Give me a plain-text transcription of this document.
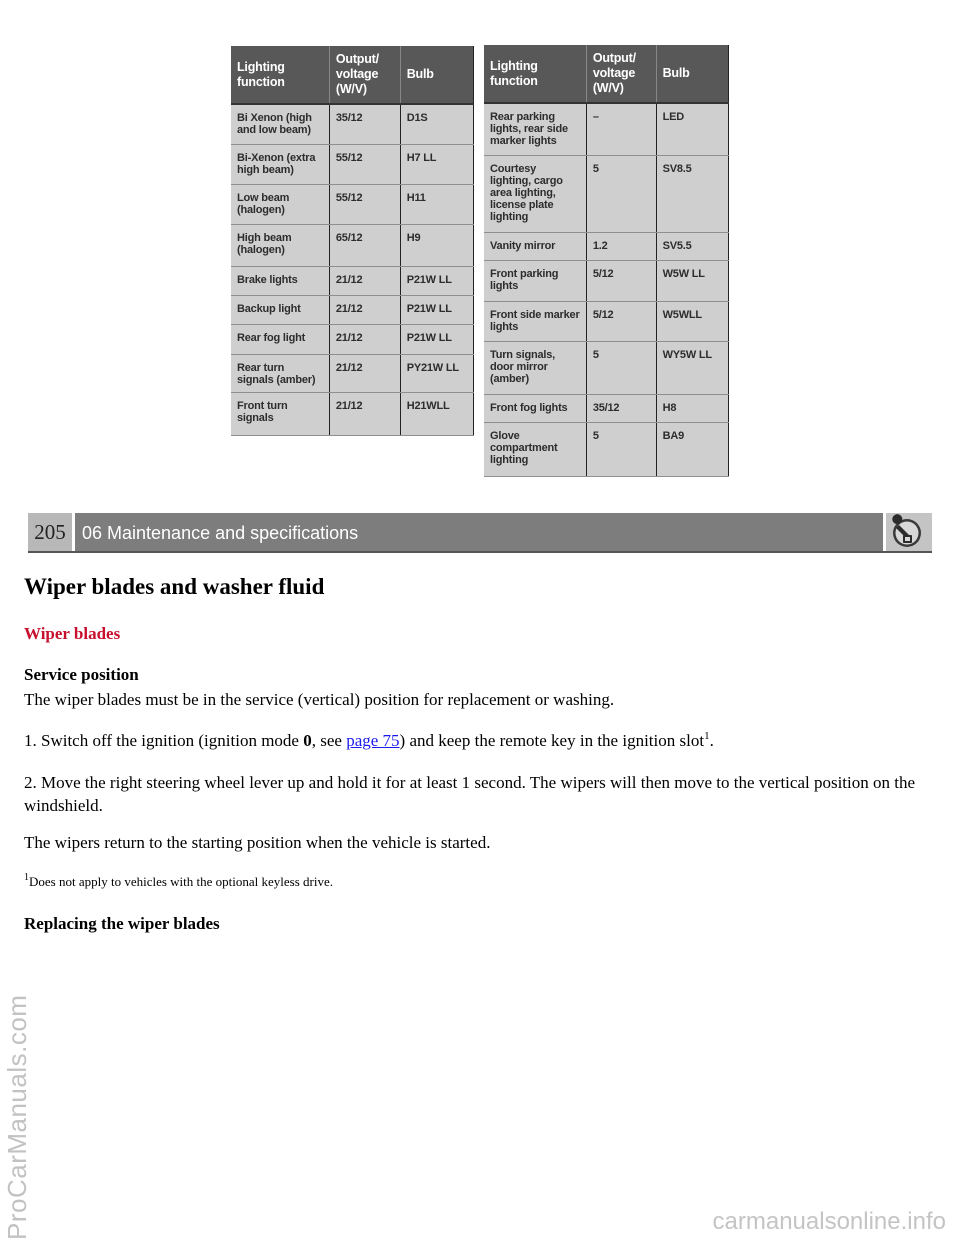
Lighting function	Output/ voltage (W/V)	Bulb
Bi Xenon (high and low beam)	35/12	D1S
Bi-Xenon (extra high beam)	55/12	H7 LL
Low beam (halogen)	55/12	H11
High beam (halogen)	65/12	H9
Brake lights	21/12	P21W LL
Backup light	21/12	P21W LL
Rear fog light	21/12	P21W LL
Rear turn signals (amber)	21/12	PY21W LL
Front turn signals	21/12	H21WLL
Lighting function	Output/ voltage (W/V)	Bulb
Rear parking lights, rear side marker lights	–	LED
Courtesy lighting, cargo area lighting, license plate lighting	5	SV8.5
Vanity mirror	1.2	SV5.5
Front parking lights	5/12	W5W LL
Front side marker lights	5/12	W5WLL
Turn signals, door mirror (amber)	5	WY5W LL
Front fog lights	35/12	H8
Glove compartment lighting	5	BA9
205 06 Maintenance and specifications
Wiper blades and washer fluid
Wiper blades
Service position
The wiper blades must be in the service (vertical) position for replacement or washing.
1. Switch off the ignition (ignition mode 0, see page 75) and keep the remote key in the ignition slot$^1$.
2. Move the right steering wheel lever up and hold it for at least 1 second. The wipers will then move to the vertical position on the windshield.
The wipers return to the starting position when the vehicle is started.
$^1$Does not apply to vehicles with the optional keyless drive.
Replacing the wiper blades
ProCarManuals.com	carmanualsonline.info
